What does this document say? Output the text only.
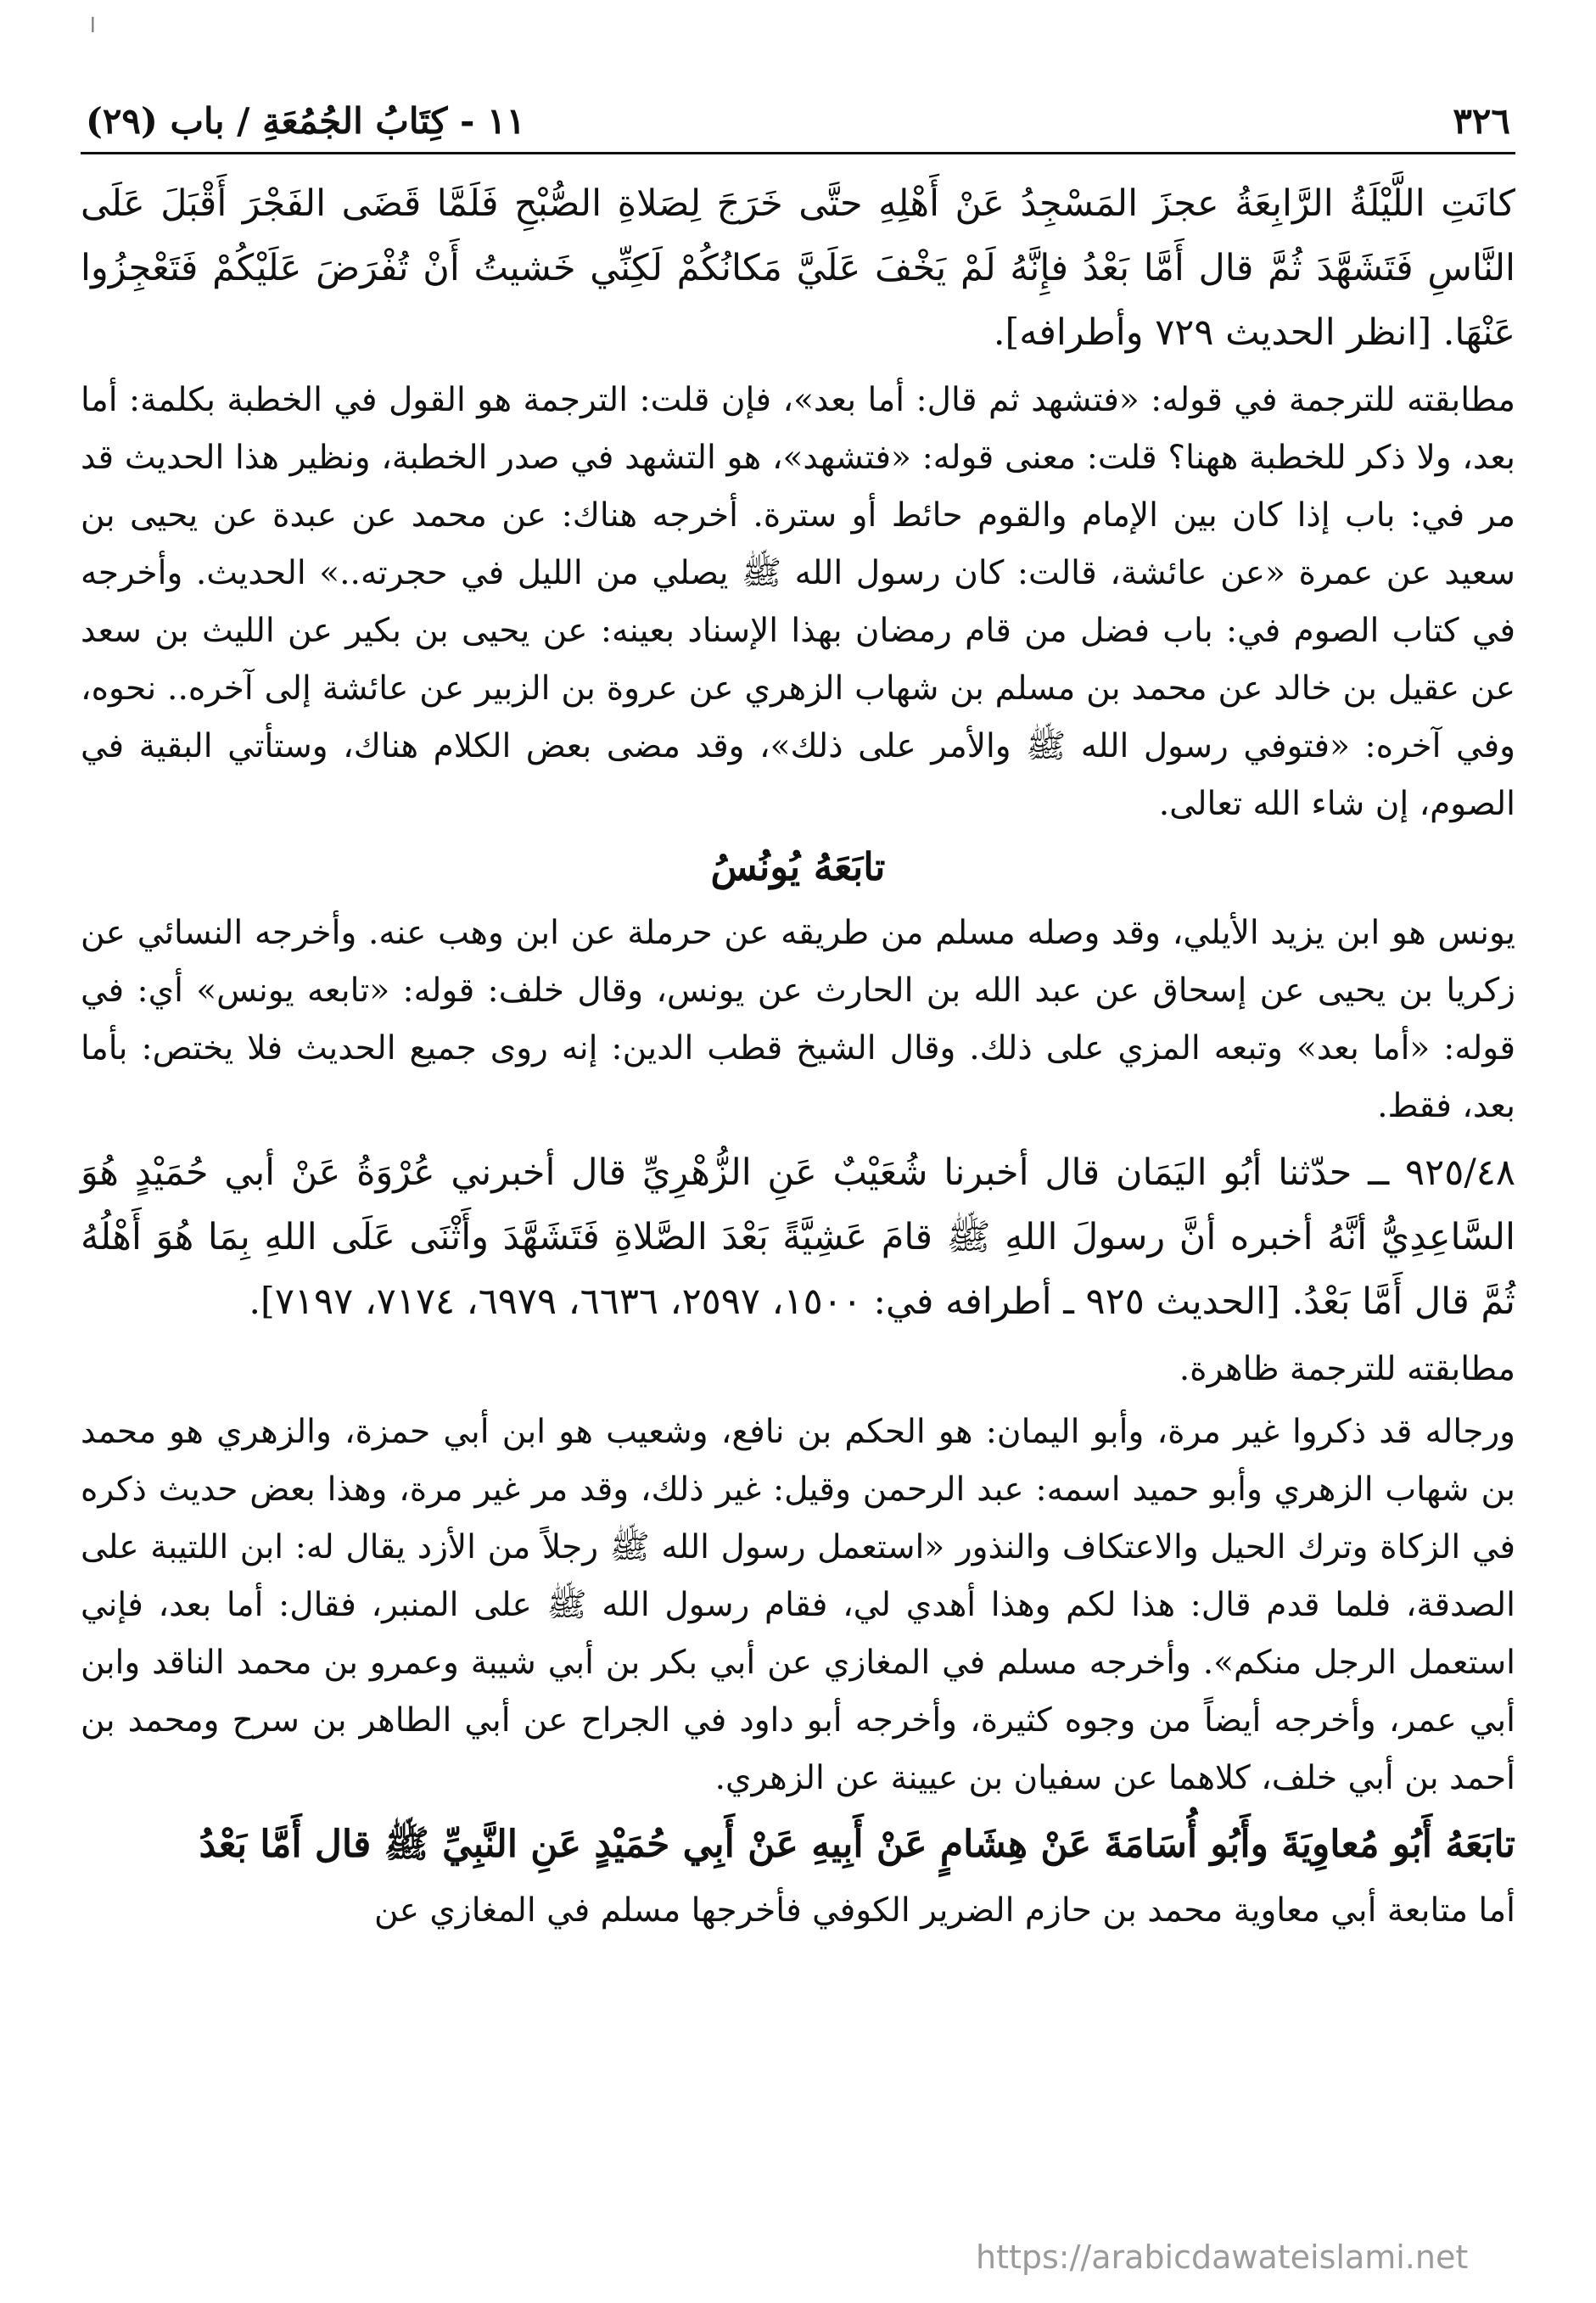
ا
٣٢٦
١١ - كِتَابُ الجُمُعَةِ / باب (٢٩)

كانَتِ اللَّيْلَةُ الرَّابِعَةُ عجزَ المَسْجِدُ عَنْ أَهْلِهِ حتَّى خَرَجَ لِصَلاةِ الصُّبْحِ فَلَمَّا قَضَى الفَجْرَ أَقْبَلَ عَلَى النَّاسِ فَتَشَهَّدَ ثُمَّ قال أَمَّا بَعْدُ فإِنَّهُ لَمْ يَخْفَ عَلَيَّ مَكانُكُمْ لَكِنِّي خَشيتُ أَنْ تُفْرَضَ عَلَيْكُمْ فَتَعْجِزُوا عَنْهَا. [انظر الحديث ٧٢٩ وأطرافه].

مطابقته للترجمة في قوله: «فتشهد ثم قال: أما بعد»، فإن قلت: الترجمة هو القول في الخطبة بكلمة: أما بعد، ولا ذكر للخطبة ههنا؟ قلت: معنى قوله: «فتشهد»، هو التشهد في صدر الخطبة، ونظير هذا الحديث قد مر في: باب إذا كان بين الإمام والقوم حائط أو سترة. أخرجه هناك: عن محمد عن عبدة عن يحيى بن سعيد عن عمرة «عن عائشة، قالت: كان رسول الله ﷺ يصلي من الليل في حجرته..» الحديث. وأخرجه في كتاب الصوم في: باب فضل من قام رمضان بهذا الإسناد بعينه: عن يحيى بن بكير عن الليث بن سعد عن عقيل بن خالد عن محمد بن مسلم بن شهاب الزهري عن عروة بن الزبير عن عائشة إلى آخره.. نحوه، وفي آخره: «فتوفي رسول الله ﷺ والأمر على ذلك»، وقد مضى بعض الكلام هناك، وستأتي البقية في الصوم، إن شاء الله تعالى.

تابَعَهُ يُونُسُ

يونس هو ابن يزيد الأيلي، وقد وصله مسلم من طريقه عن حرملة عن ابن وهب عنه. وأخرجه النسائي عن زكريا بن يحيى عن إسحاق عن عبد الله بن الحارث عن يونس، وقال خلف: قوله: «تابعه يونس» أي: في قوله: «أما بعد» وتبعه المزي على ذلك. وقال الشيخ قطب الدين: إنه روى جميع الحديث فلا يختص: بأما بعد، فقط.

٩٢٥/٤٨ ــ حدّثنا أبُو اليَمَان قال أخبرنا شُعَيْبٌ عَنِ الزُّهْرِيِّ قال أخبرني عُرْوَةُ عَنْ أبي حُمَيْدٍ هُوَ السَّاعِدِيُّ أنَّهُ أخبره أنَّ رسولَ اللهِ ﷺ قامَ عَشِيَّةً بَعْدَ الصَّلاةِ فَتَشَهَّدَ وأَثْنَى عَلَى اللهِ بِمَا هُوَ أَهْلُهُ ثُمَّ قال أَمَّا بَعْدُ. [الحديث ٩٢٥ ـ أطرافه في: ١٥٠٠، ٢٥٩٧، ٦٦٣٦، ٦٩٧٩، ٧١٧٤، ٧١٩٧].

مطابقته للترجمة ظاهرة.

ورجاله قد ذكروا غير مرة، وأبو اليمان: هو الحكم بن نافع، وشعيب هو ابن أبي حمزة، والزهري هو محمد بن شهاب الزهري وأبو حميد اسمه: عبد الرحمن وقيل: غير ذلك، وقد مر غير مرة، وهذا بعض حديث ذكره في الزكاة وترك الحيل والاعتكاف والنذور «استعمل رسول الله ﷺ رجلاً من الأزد يقال له: ابن اللتيبة على الصدقة، فلما قدم قال: هذا لكم وهذا أهدي لي، فقام رسول الله ﷺ على المنبر، فقال: أما بعد، فإني استعمل الرجل منكم». وأخرجه مسلم في المغازي عن أبي بكر بن أبي شيبة وعمرو بن محمد الناقد وابن أبي عمر، وأخرجه أيضاً من وجوه كثيرة، وأخرجه أبو داود في الجراح عن أبي الطاهر بن سرح ومحمد بن أحمد بن أبي خلف، كلاهما عن سفيان بن عيينة عن الزهري.

تابَعَهُ أَبُو مُعاوِيَةَ وأَبُو أُسَامَةَ عَنْ هِشَامٍ عَنْ أَبِيهِ عَنْ أَبِي حُمَيْدٍ عَنِ النَّبِيِّ ﷺ قال أَمَّا بَعْدُ

أما متابعة أبي معاوية محمد بن حازم الضرير الكوفي فأخرجها مسلم في المغازي عن

https://arabicdawateislami.net
